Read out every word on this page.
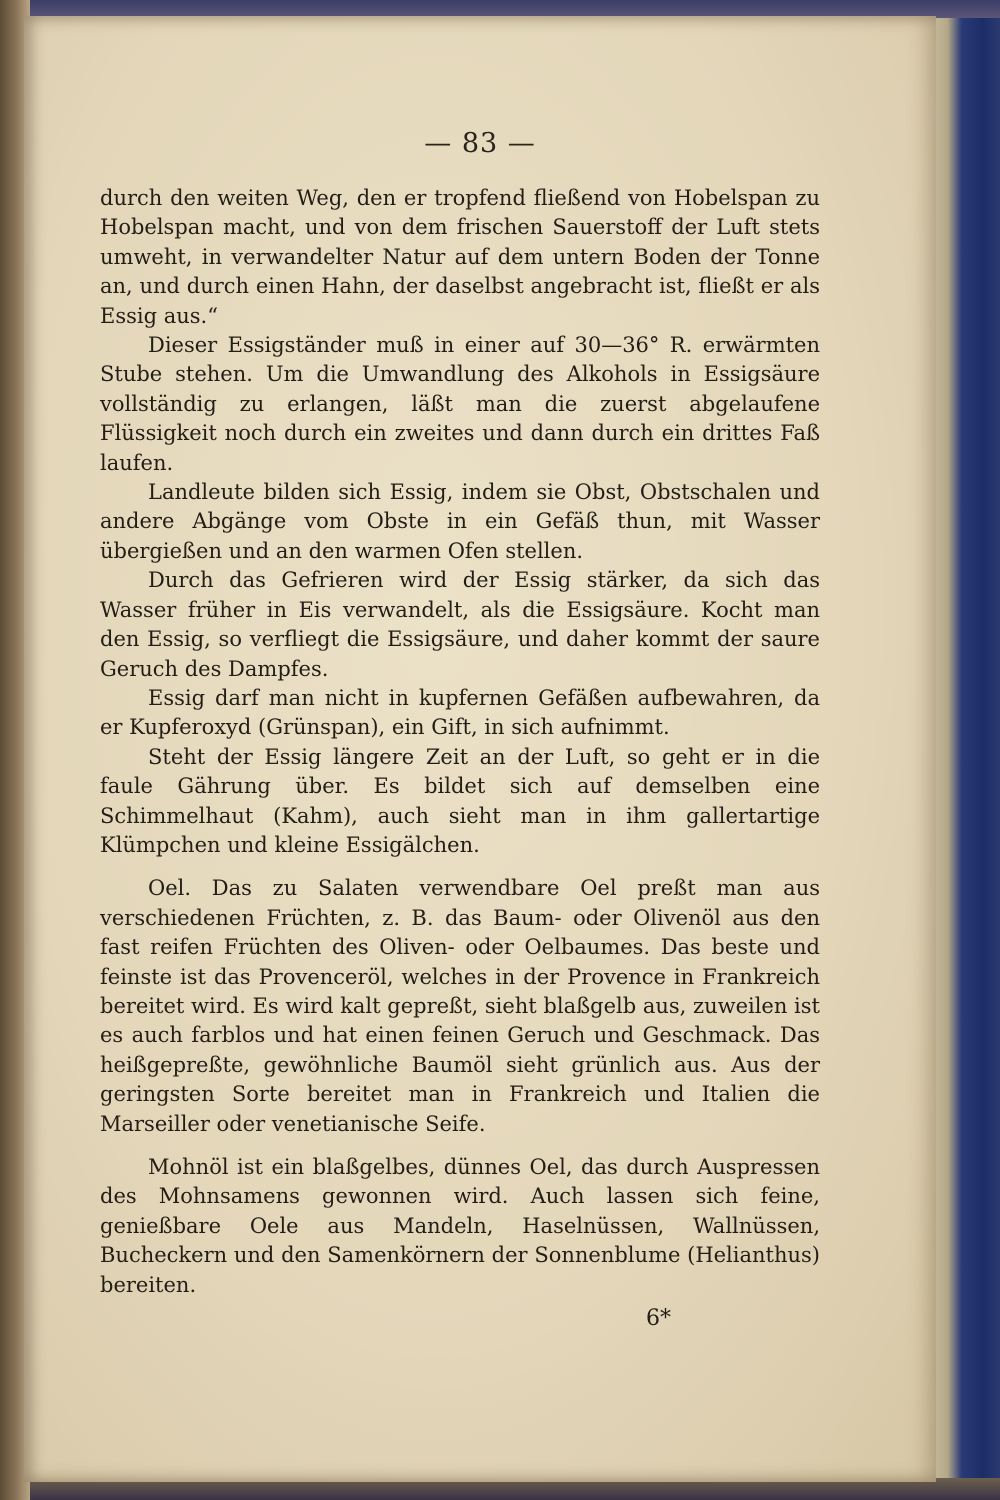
— 83 —

durch den weiten Weg, den er tropfend fließend von Hobelspan zu Hobelspan macht, und von dem frischen Sauerstoff der Luft stets umweht, in verwandelter Natur auf dem untern Boden der Tonne an, und durch einen Hahn, der daselbst angebracht ist, fließt er als Essig aus.“

Dieser Essigständer muß in einer auf 30—36° R. erwärmten Stube stehen. Um die Umwandlung des Alkohols in Essigsäure vollständig zu erlangen, läßt man die zuerst abgelaufene Flüssigkeit noch durch ein zweites und dann durch ein drittes Faß laufen.

Landleute bilden sich Essig, indem sie Obst, Obstschalen und andere Abgänge vom Obste in ein Gefäß thun, mit Wasser übergießen und an den warmen Ofen stellen.

Durch das Gefrieren wird der Essig stärker, da sich das Wasser früher in Eis verwandelt, als die Essigsäure. Kocht man den Essig, so verfliegt die Essigsäure, und daher kommt der saure Geruch des Dampfes.

Essig darf man nicht in kupfernen Gefäßen aufbewahren, da er Kupferoxyd (Grünspan), ein Gift, in sich aufnimmt.

Steht der Essig längere Zeit an der Luft, so geht er in die faule Gährung über. Es bildet sich auf demselben eine Schimmelhaut (Kahm), auch sieht man in ihm gallertartige Klümpchen und kleine Essigälchen.

Oel. Das zu Salaten verwendbare Oel preßt man aus verschiedenen Früchten, z. B. das Baum- oder Olivenöl aus den fast reifen Früchten des Oliven- oder Oelbaumes. Das beste und feinste ist das Provenceröl, welches in der Provence in Frankreich bereitet wird. Es wird kalt gepreßt, sieht blaßgelb aus, zuweilen ist es auch farblos und hat einen feinen Geruch und Geschmack. Das heißgepreßte, gewöhnliche Baumöl sieht grünlich aus. Aus der geringsten Sorte bereitet man in Frankreich und Italien die Marseiller oder venetianische Seife.

Mohnöl ist ein blaßgelbes, dünnes Oel, das durch Auspressen des Mohnsamens gewonnen wird. Auch lassen sich feine, genießbare Oele aus Mandeln, Haselnüssen, Wallnüssen, Bucheckern und den Samenkörnern der Sonnenblume (Helianthus) bereiten.

6*
